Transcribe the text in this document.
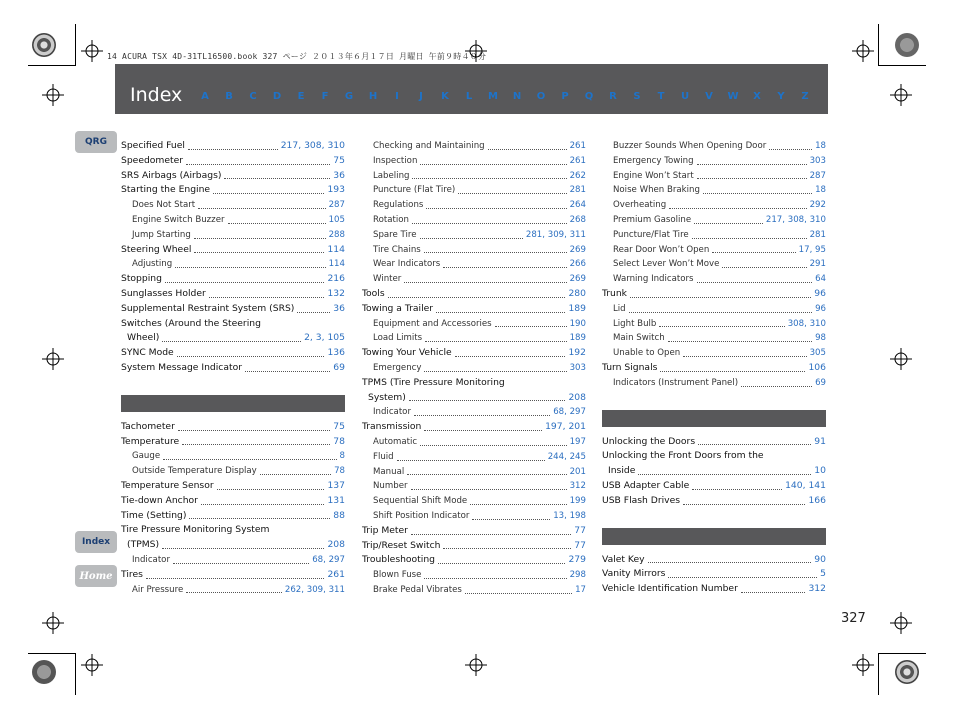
14 ACURA TSX 4D-31TL16500.book 327 ページ ２０１３年６月１７日 月曜日 午前９時４０分
Index	A	B	C	D	E	F	G	H	I	J	K	L	M	N	O	P	Q	R	S	T	U	V	W	X	Y	Z
QRG
Index
Home
Specified Fuel	217, 308, 310
Speedometer	75
SRS Airbags (Airbags)	36
Starting the Engine	193
Does Not Start	287
Engine Switch Buzzer	105
Jump Starting	288
Steering Wheel	114
Adjusting	114
Stopping	216
Sunglasses Holder	132
Supplemental Restraint System (SRS)	36
Switches (Around the Steering
Wheel)	2, 3, 105
SYNC Mode	136
System Message Indicator	69
Tachometer	75
Temperature	78
Gauge	8
Outside Temperature Display	78
Temperature Sensor	137
Tie-down Anchor	131
Time (Setting)	88
Tire Pressure Monitoring System
(TPMS)	208
Indicator	68, 297
Tires	261
Air Pressure	262, 309, 311
Checking and Maintaining	261
Inspection	261
Labeling	262
Puncture (Flat Tire)	281
Regulations	264
Rotation	268
Spare Tire	281, 309, 311
Tire Chains	269
Wear Indicators	266
Winter	269
Tools	280
Towing a Trailer	189
Equipment and Accessories	190
Load Limits	189
Towing Your Vehicle	192
Emergency	303
TPMS (Tire Pressure Monitoring
System)	208
Indicator	68, 297
Transmission	197, 201
Automatic	197
Fluid	244, 245
Manual	201
Number	312
Sequential Shift Mode	199
Shift Position Indicator	13, 198
Trip Meter	77
Trip/Reset Switch	77
Troubleshooting	279
Blown Fuse	298
Brake Pedal Vibrates	17
Buzzer Sounds When Opening Door	18
Emergency Towing	303
Engine Won’t Start	287
Noise When Braking	18
Overheating	292
Premium Gasoline	217, 308, 310
Puncture/Flat Tire	281
Rear Door Won’t Open	17, 95
Select Lever Won’t Move	291
Warning Indicators	64
Trunk	96
Lid	96
Light Bulb	308, 310
Main Switch	98
Unable to Open	305
Turn Signals	106
Indicators (Instrument Panel)	69
Unlocking the Doors	91
Unlocking the Front Doors from the
Inside	10
USB Adapter Cable	140, 141
USB Flash Drives	166
Valet Key	90
Vanity Mirrors	5
Vehicle Identification Number	312
327
